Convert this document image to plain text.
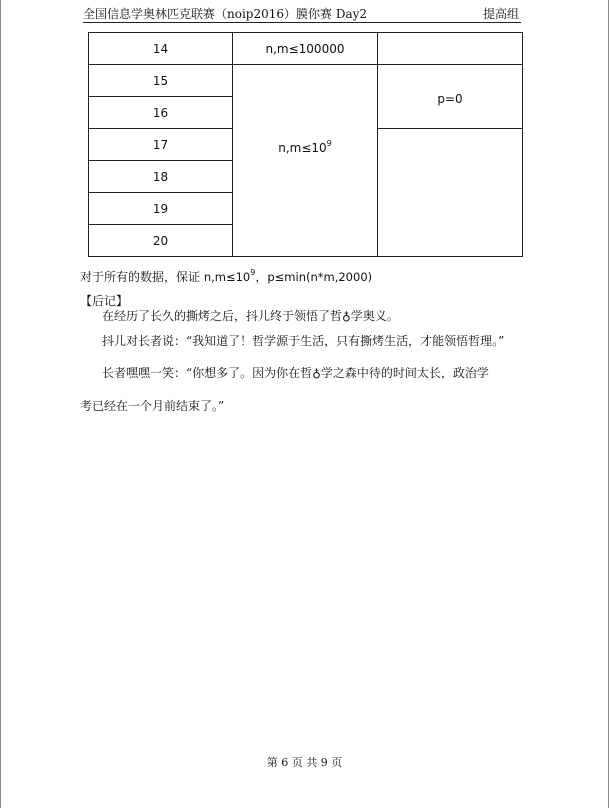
全国信息学奥林匹克联赛（noip2016）膜你赛 Day2	提高组
14	n,m≤100000	
15	$n,m\le 10^9$	p=0
16		
17		
18		
19		
20		
对于所有的数据，保证 $n,m\le 10^9$，p≤min(n*m,2000)
【后记】
在经历了长久的撕烤之后，抖儿终于领悟了哲♁学奥义。
抖儿对长者说：“我知道了！哲学源于生活，只有撕烤生活，才能领悟哲理。”
长者嘿嘿一笑：“你想多了。因为你在哲♁学之森中待的时间太长，政治学
考已经在一个月前结束了。”
第 6 页 共 9 页
